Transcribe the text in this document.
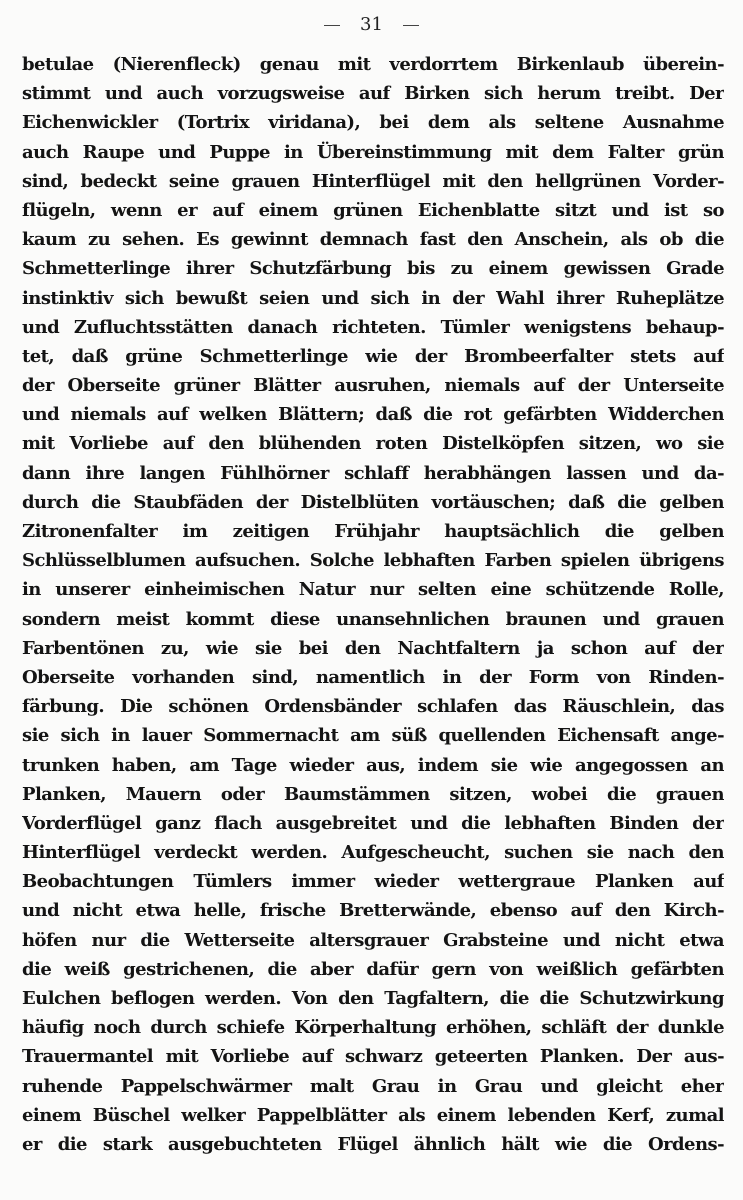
31
betulae (Nierenfleck) genau mit verdorrtem Birkenlaub überein-
stimmt und auch vorzugsweise auf Birken sich herum treibt. Der
Eichenwickler (Tortrix viridana), bei dem als seltene Ausnahme
auch Raupe und Puppe in Übereinstimmung mit dem Falter grün
sind, bedeckt seine grauen Hinterflügel mit den hellgrünen Vorder-
flügeln, wenn er auf einem grünen Eichenblatte sitzt und ist so
kaum zu sehen. Es gewinnt demnach fast den Anschein, als ob die
Schmetterlinge ihrer Schutzfärbung bis zu einem gewissen Grade
instinktiv sich bewußt seien und sich in der Wahl ihrer Ruheplätze
und Zufluchtsstätten danach richteten. Tümler wenigstens behaup-
tet, daß grüne Schmetterlinge wie der Brombeerfalter stets auf
der Oberseite grüner Blätter ausruhen, niemals auf der Unterseite
und niemals auf welken Blättern; daß die rot gefärbten Widderchen
mit Vorliebe auf den blühenden roten Distelköpfen sitzen, wo sie
dann ihre langen Fühlhörner schlaff herabhängen lassen und da-
durch die Staubfäden der Distelblüten vortäuschen; daß die gelben
Zitronenfalter im zeitigen Frühjahr hauptsächlich die gelben
Schlüsselblumen aufsuchen. Solche lebhaften Farben spielen übrigens
in unserer einheimischen Natur nur selten eine schützende Rolle,
sondern meist kommt diese unansehnlichen braunen und grauen
Farbentönen zu, wie sie bei den Nachtfaltern ja schon auf der
Oberseite vorhanden sind, namentlich in der Form von Rinden-
färbung. Die schönen Ordensbänder schlafen das Räuschlein, das
sie sich in lauer Sommernacht am süß quellenden Eichensaft ange-
trunken haben, am Tage wieder aus, indem sie wie angegossen an
Planken, Mauern oder Baumstämmen sitzen, wobei die grauen
Vorderflügel ganz flach ausgebreitet und die lebhaften Binden der
Hinterflügel verdeckt werden. Aufgescheucht, suchen sie nach den
Beobachtungen Tümlers immer wieder wettergraue Planken auf
und nicht etwa helle, frische Bretterwände, ebenso auf den Kirch-
höfen nur die Wetterseite altersgrauer Grabsteine und nicht etwa
die weiß gestrichenen, die aber dafür gern von weißlich gefärbten
Eulchen beflogen werden. Von den Tagfaltern, die die Schutzwirkung
häufig noch durch schiefe Körperhaltung erhöhen, schläft der dunkle
Trauermantel mit Vorliebe auf schwarz geteerten Planken. Der aus-
ruhende Pappelschwärmer malt Grau in Grau und gleicht eher
einem Büschel welker Pappelblätter als einem lebenden Kerf, zumal
er die stark ausgebuchteten Flügel ähnlich hält wie die Ordens-
